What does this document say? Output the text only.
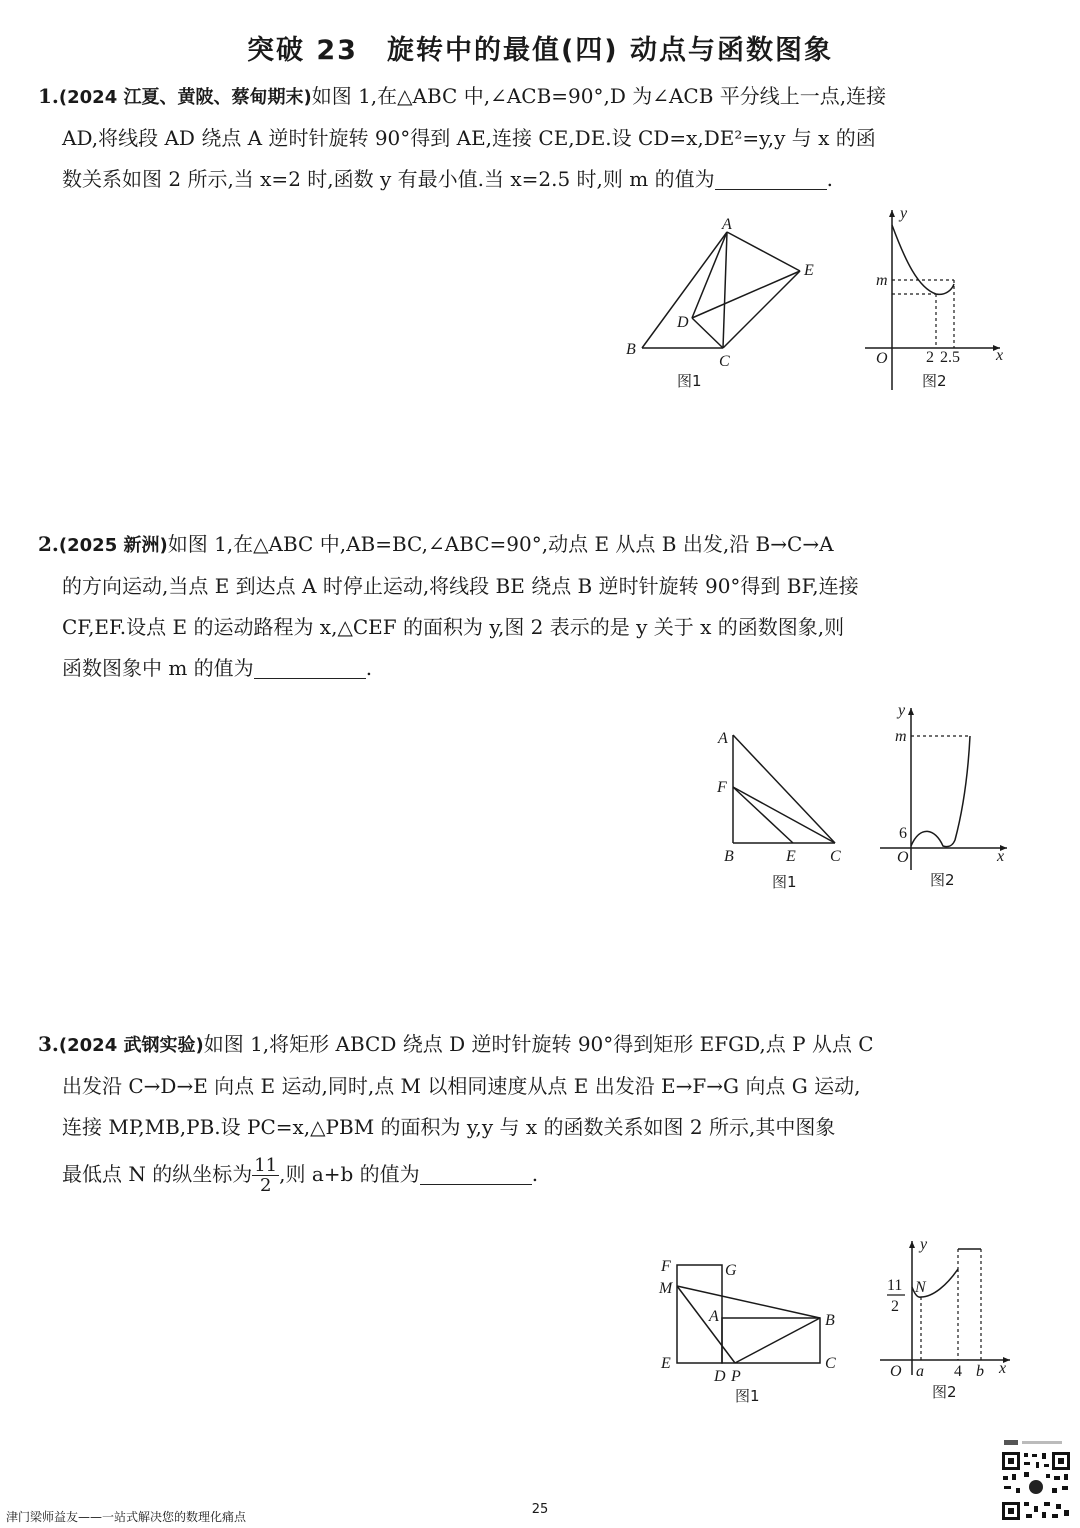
突破 23　旋转中的最值(四) 动点与函数图象

1.(2024 江夏、黄陂、蔡甸期末)如图 1,在△ABC 中,∠ACB=90°,D 为∠ACB 平分线上一点,连接

AD,将线段 AD 绕点 A 逆时针旋转 90°得到 AE,连接 CE,DE.设 CD=x,DE²=y,y 与 x 的函

数关系如图 2 所示,当 x=2 时,函数 y 有最小值.当 x=2.5 时,则 m 的值为	.

2.(2025 新洲)如图 1,在△ABC 中,AB=BC,∠ABC=90°,动点 E 从点 B 出发,沿 B→C→A

的方向运动,当点 E 到达点 A 时停止运动,将线段 BE 绕点 B 逆时针旋转 90°得到 BF,连接

CF,EF.设点 E 的运动路程为 x,△CEF 的面积为 y,图 2 表示的是 y 关于 x 的函数图象,则

函数图象中 m 的值为	.

3.(2024 武钢实验)如图 1,将矩形 ABCD 绕点 D 逆时针旋转 90°得到矩形 EFGD,点 P 从点 C

出发沿 C→D→E 向点 E 运动,同时,点 M 以相同速度从点 E 出发沿 E→F→G 向点 G 运动,

连接 MP,MB,PB.设 PC=x,△PBM 的面积为 y,y 与 x 的函数关系如图 2 所示,其中图象

最低点 N 的纵坐标为 $\frac{11}{2}$ ,则 a+b 的值为	.

A
B
C
D
E
图1
y
x
O
m
2 2.5
图2
A
B	C
E
F
图1
y
x
O
m
6
图2
F	G
M
A	B
E
D P
C
图1
y
x
O
N
11
2
a 4 b
图2
25
津门梁师益友——一站式解决您的数理化痛点
